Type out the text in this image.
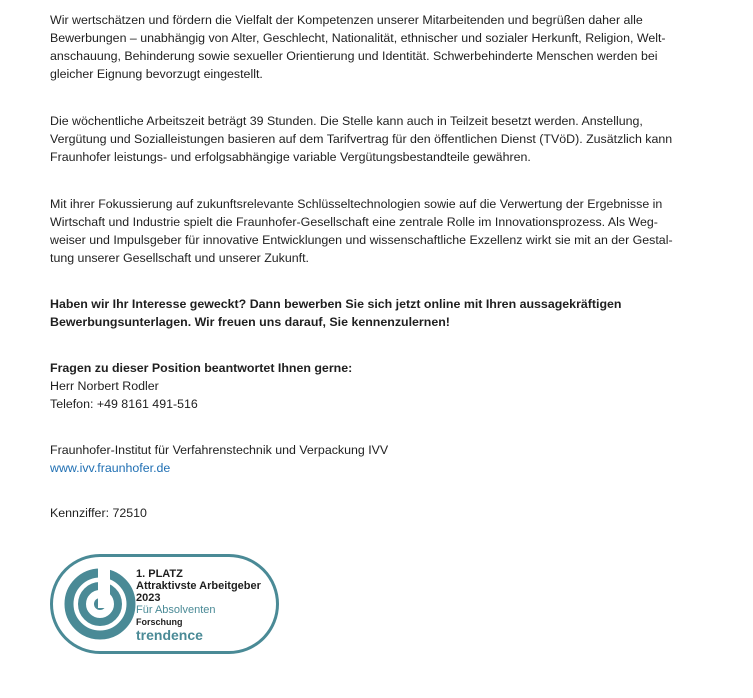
Wir wertschätzen und fördern die Vielfalt der Kompetenzen unserer Mitarbeitenden und begrüßen daher alle
Bewerbungen – unabhängig von Alter, Geschlecht, Nationalität, ethnischer und sozialer Herkunft, Religion, Welt-
anschauung, Behinderung sowie sexueller Orientierung und Identität. Schwerbehinderte Menschen werden bei
gleicher Eignung bevorzugt eingestellt.

Die wöchentliche Arbeitszeit beträgt 39 Stunden. Die Stelle kann auch in Teilzeit besetzt werden. Anstellung,
Vergütung und Sozialleistungen basieren auf dem Tarifvertrag für den öffentlichen Dienst (TVöD). Zusätzlich kann
Fraunhofer leistungs- und erfolgsabhängige variable Vergütungsbestandteile gewähren.

Mit ihrer Fokussierung auf zukunftsrelevante Schlüsseltechnologien sowie auf die Verwertung der Ergebnisse in
Wirtschaft und Industrie spielt die Fraunhofer-Gesellschaft eine zentrale Rolle im Innovationsprozess. Als Weg-
weiser und Impulsgeber für innovative Entwicklungen und wissenschaftliche Exzellenz wirkt sie mit an der Gestal-
tung unserer Gesellschaft und unserer Zukunft.

Haben wir Ihr Interesse geweckt? Dann bewerben Sie sich jetzt online mit Ihren aussagekräftigen
Bewerbungsunterlagen. Wir freuen uns darauf, Sie kennenzulernen!

Fragen zu dieser Position beantwortet Ihnen gerne:
Herr Norbert Rodler
Telefon: +49 8161 491-516

Fraunhofer-Institut für Verfahrenstechnik und Verpackung IVV
www.ivv.fraunhofer.de

Kennziffer: 72510

1. PLATZ
Attraktivste Arbeitgeber
2023
Für Absolventen
Forschung
trendence
